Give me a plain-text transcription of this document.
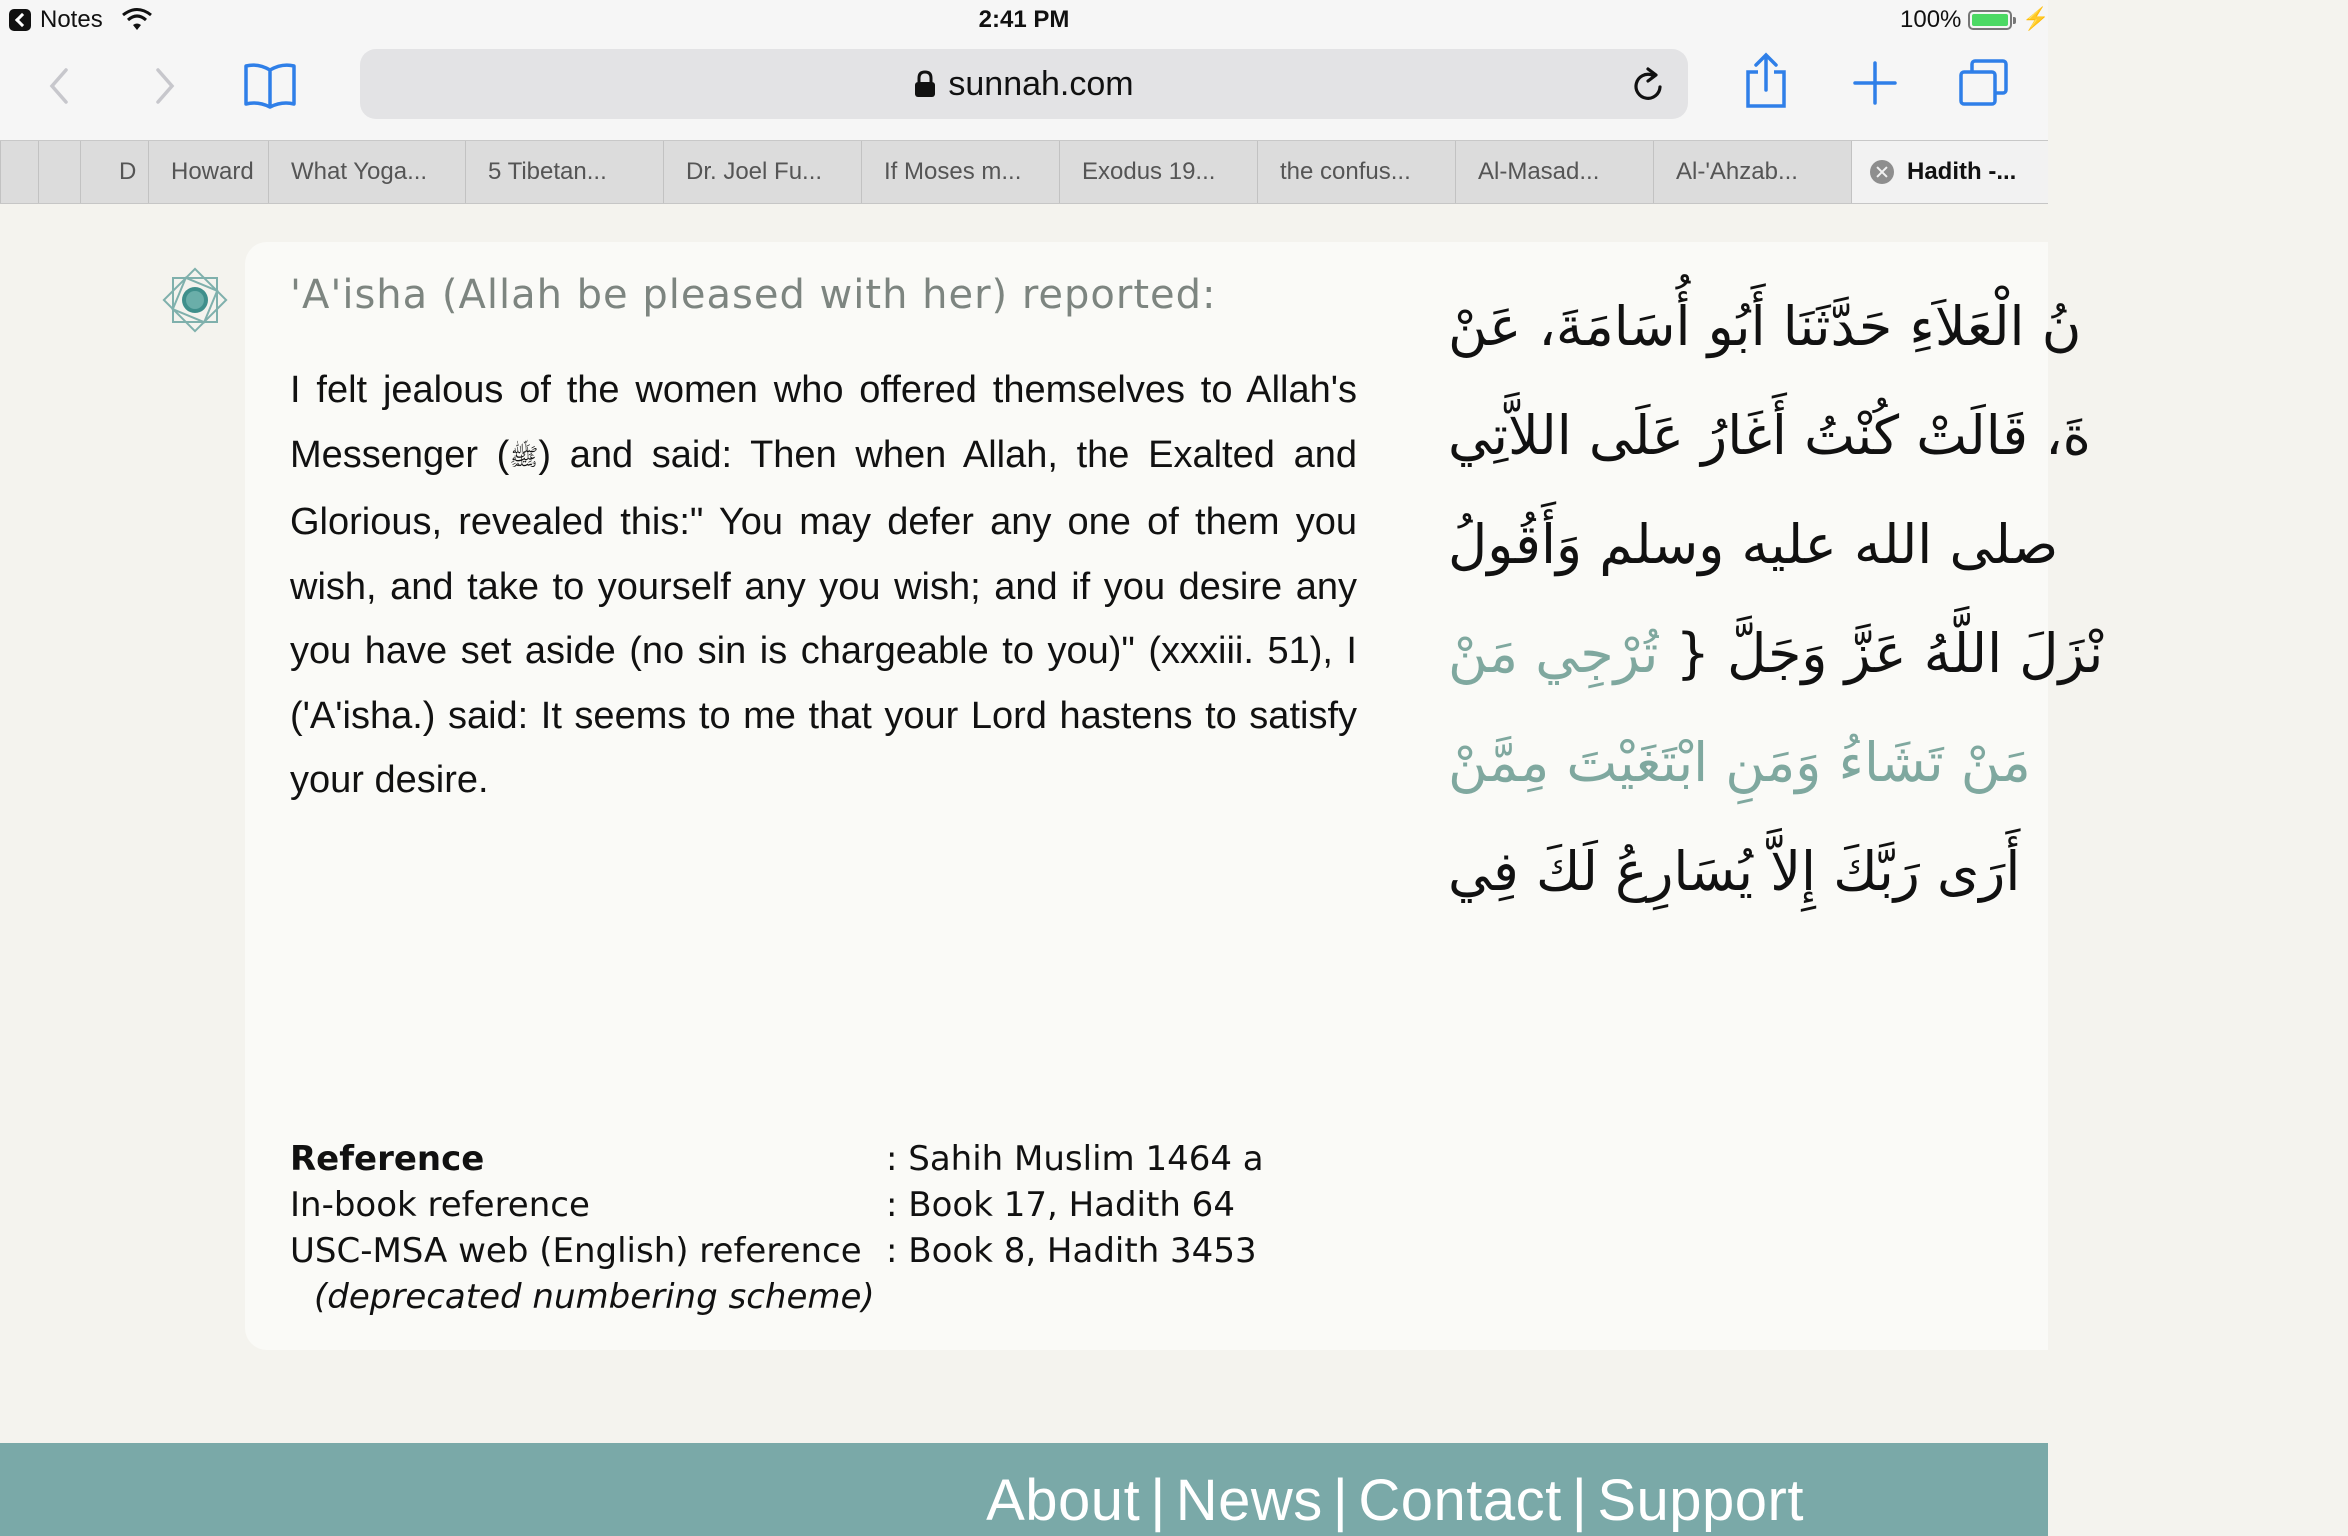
Notes	2:41 PM	100%	⚡
sunnah.com
D	Howard	What Yoga...	5 Tibetan...	Dr. Joel Fu...	If Moses m...	Exodus 19...	the confus...	Al-Masad...	Al-'Ahzab...	Hadith -...
'A'isha (Allah be pleased with her) reported:
I felt jealous of the women who offered themselves to Allah's Messenger (ﷺ) and said: Then when Allah, the Exalted and Glorious, revealed this:" You may defer any one of them you wish, and take to yourself any you wish; and if you desire any you have set aside (no sin is chargeable to you)" (xxxiii. 51), I ('A'isha.) said: It seems to me that your Lord hastens to satisfy your desire.
نُ الْعَلاَءِ حَدَّثَنَا أَبُو أُسَامَةَ، عَنْ
ةَ، قَالَتْ كُنْتُ أَغَارُ عَلَى اللاَّتِي
صلى الله عليه وسلم وَأَقُولُ
نْزَلَ اللَّهُ عَزَّ وَجَلَّ { تُرْجِي مَنْ
مَنْ تَشَاءُ وَمَنِ ابْتَغَيْتَ مِمَّنْ
أَرَى رَبَّكَ إِلاَّ يُسَارِعُ لَكَ فِي
Reference	: Sahih Muslim 1464 a
In-book reference	: Book 17, Hadith 64
USC-MSA web (English) reference : Book 8, Hadith 3453
(deprecated numbering scheme)
About | News | Contact | Support
